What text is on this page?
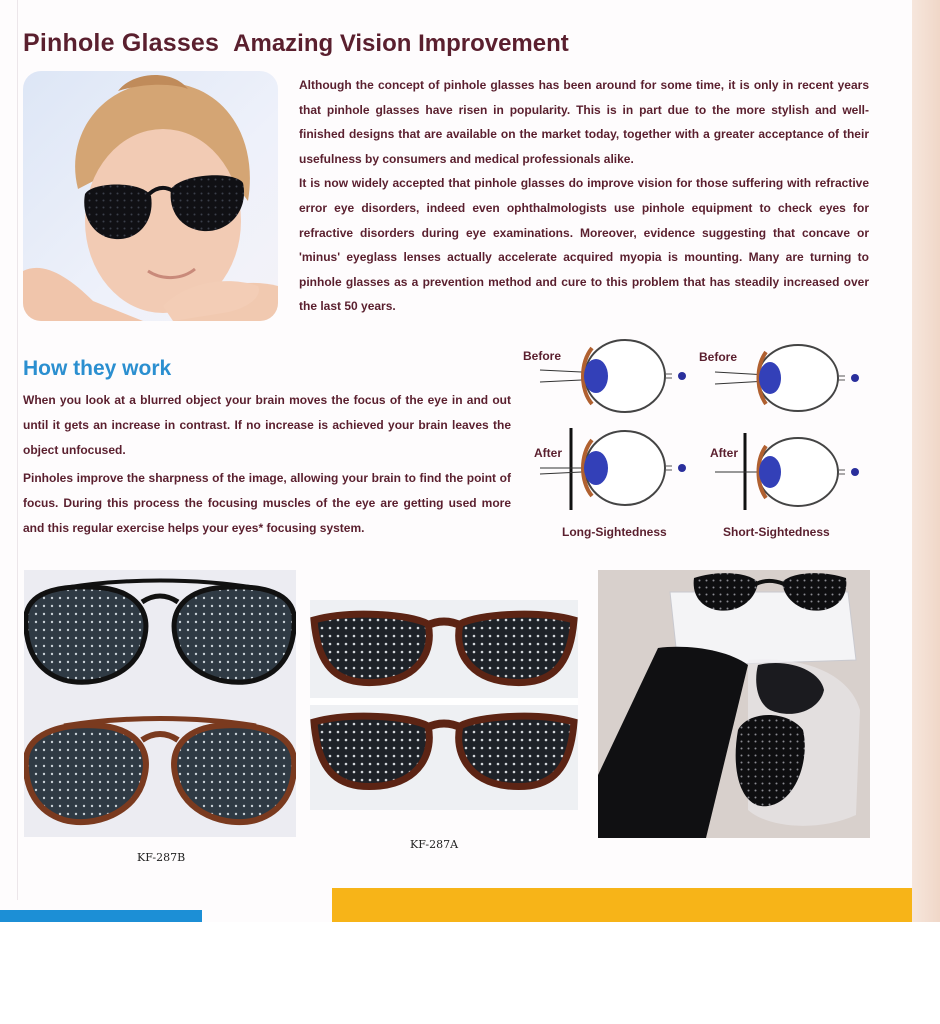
Pinhole Glasses Amazing Vision Improvement

Although the concept of pinhole glasses has been around for some time, it is only in recent years that pinhole glasses have risen in popularity. This is in part due to the more stylish and well-finished designs that are available on the market today, together with a greater acceptance of their usefulness by consumers and medical professionals alike.

It is now widely accepted that pinhole glasses do improve vision for those suffering with refractive error eye disorders, indeed even ophthalmologists use pinhole equipment to check eyes for refractive disorders during eye examinations. Moreover, evidence suggesting that concave or 'minus' eyeglass lenses actually accelerate acquired myopia is mounting. Many are turning to pinhole glasses as a prevention method and cure to this problem that has steadily increased over the last 50 years.

How they work

When you look at a blurred object your brain moves the focus of the eye in and out until it gets an increase in contrast. If no increase is achieved your brain leaves the object unfocused.

Pinholes improve the sharpness of the image, allowing your brain to find the point of focus. During this process the focusing muscles of the eye are getting used more and this regular exercise helps your eyes* focusing system.

Before	Before
After	After
Long-Sightedness	Short-Sightedness
KF-287B
KF-287A
